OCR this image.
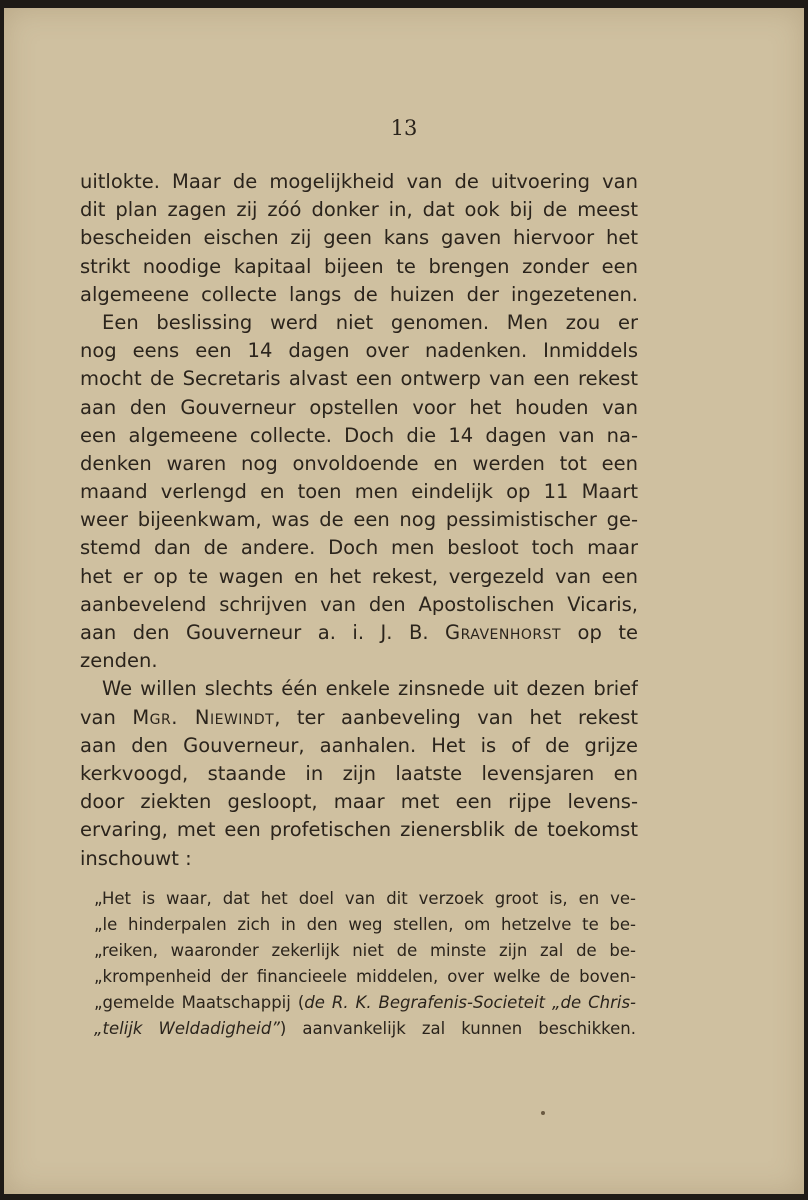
13
uitlokte. Maar de mogelijkheid van de uitvoering van
dit plan zagen zij zóó donker in, dat ook bij de meest
bescheiden eischen zij geen kans gaven hiervoor het
strikt noodige kapitaal bijeen te brengen zonder een
algemeene collecte langs de huizen der ingezetenen.
Een beslissing werd niet genomen. Men zou er
nog eens een 14 dagen over nadenken. Inmiddels
mocht de Secretaris alvast een ontwerp van een rekest
aan den Gouverneur opstellen voor het houden van
een algemeene collecte. Doch die 14 dagen van na-
denken waren nog onvoldoende en werden tot een
maand verlengd en toen men eindelijk op 11 Maart
weer bijeenkwam, was de een nog pessimistischer ge-
stemd dan de andere. Doch men besloot toch maar
het er op te wagen en het rekest, vergezeld van een
aanbevelend schrijven van den Apostolischen Vicaris,
aan den Gouverneur a. i. J. B. Gravenhorst op te
zenden.
We willen slechts één enkele zinsnede uit dezen brief
van Mgr. Niewindt, ter aanbeveling van het rekest
aan den Gouverneur, aanhalen. Het is of de grijze
kerkvoogd, staande in zijn laatste levensjaren en
door ziekten gesloopt, maar met een rijpe levens-
ervaring, met een profetischen zienersblik de toekomst
inschouwt :
„Het is waar, dat het doel van dit verzoek groot is, en ve-
„le hinderpalen zich in den weg stellen, om hetzelve te be-
„reiken, waaronder zekerlijk niet de minste zijn zal de be-
„krompenheid der financieele middelen, over welke de boven-
„gemelde Maatschappij (de R. K. Begrafenis-Societeit „de Chris-
„telijk Weldadigheid”) aanvankelijk zal kunnen beschikken.
